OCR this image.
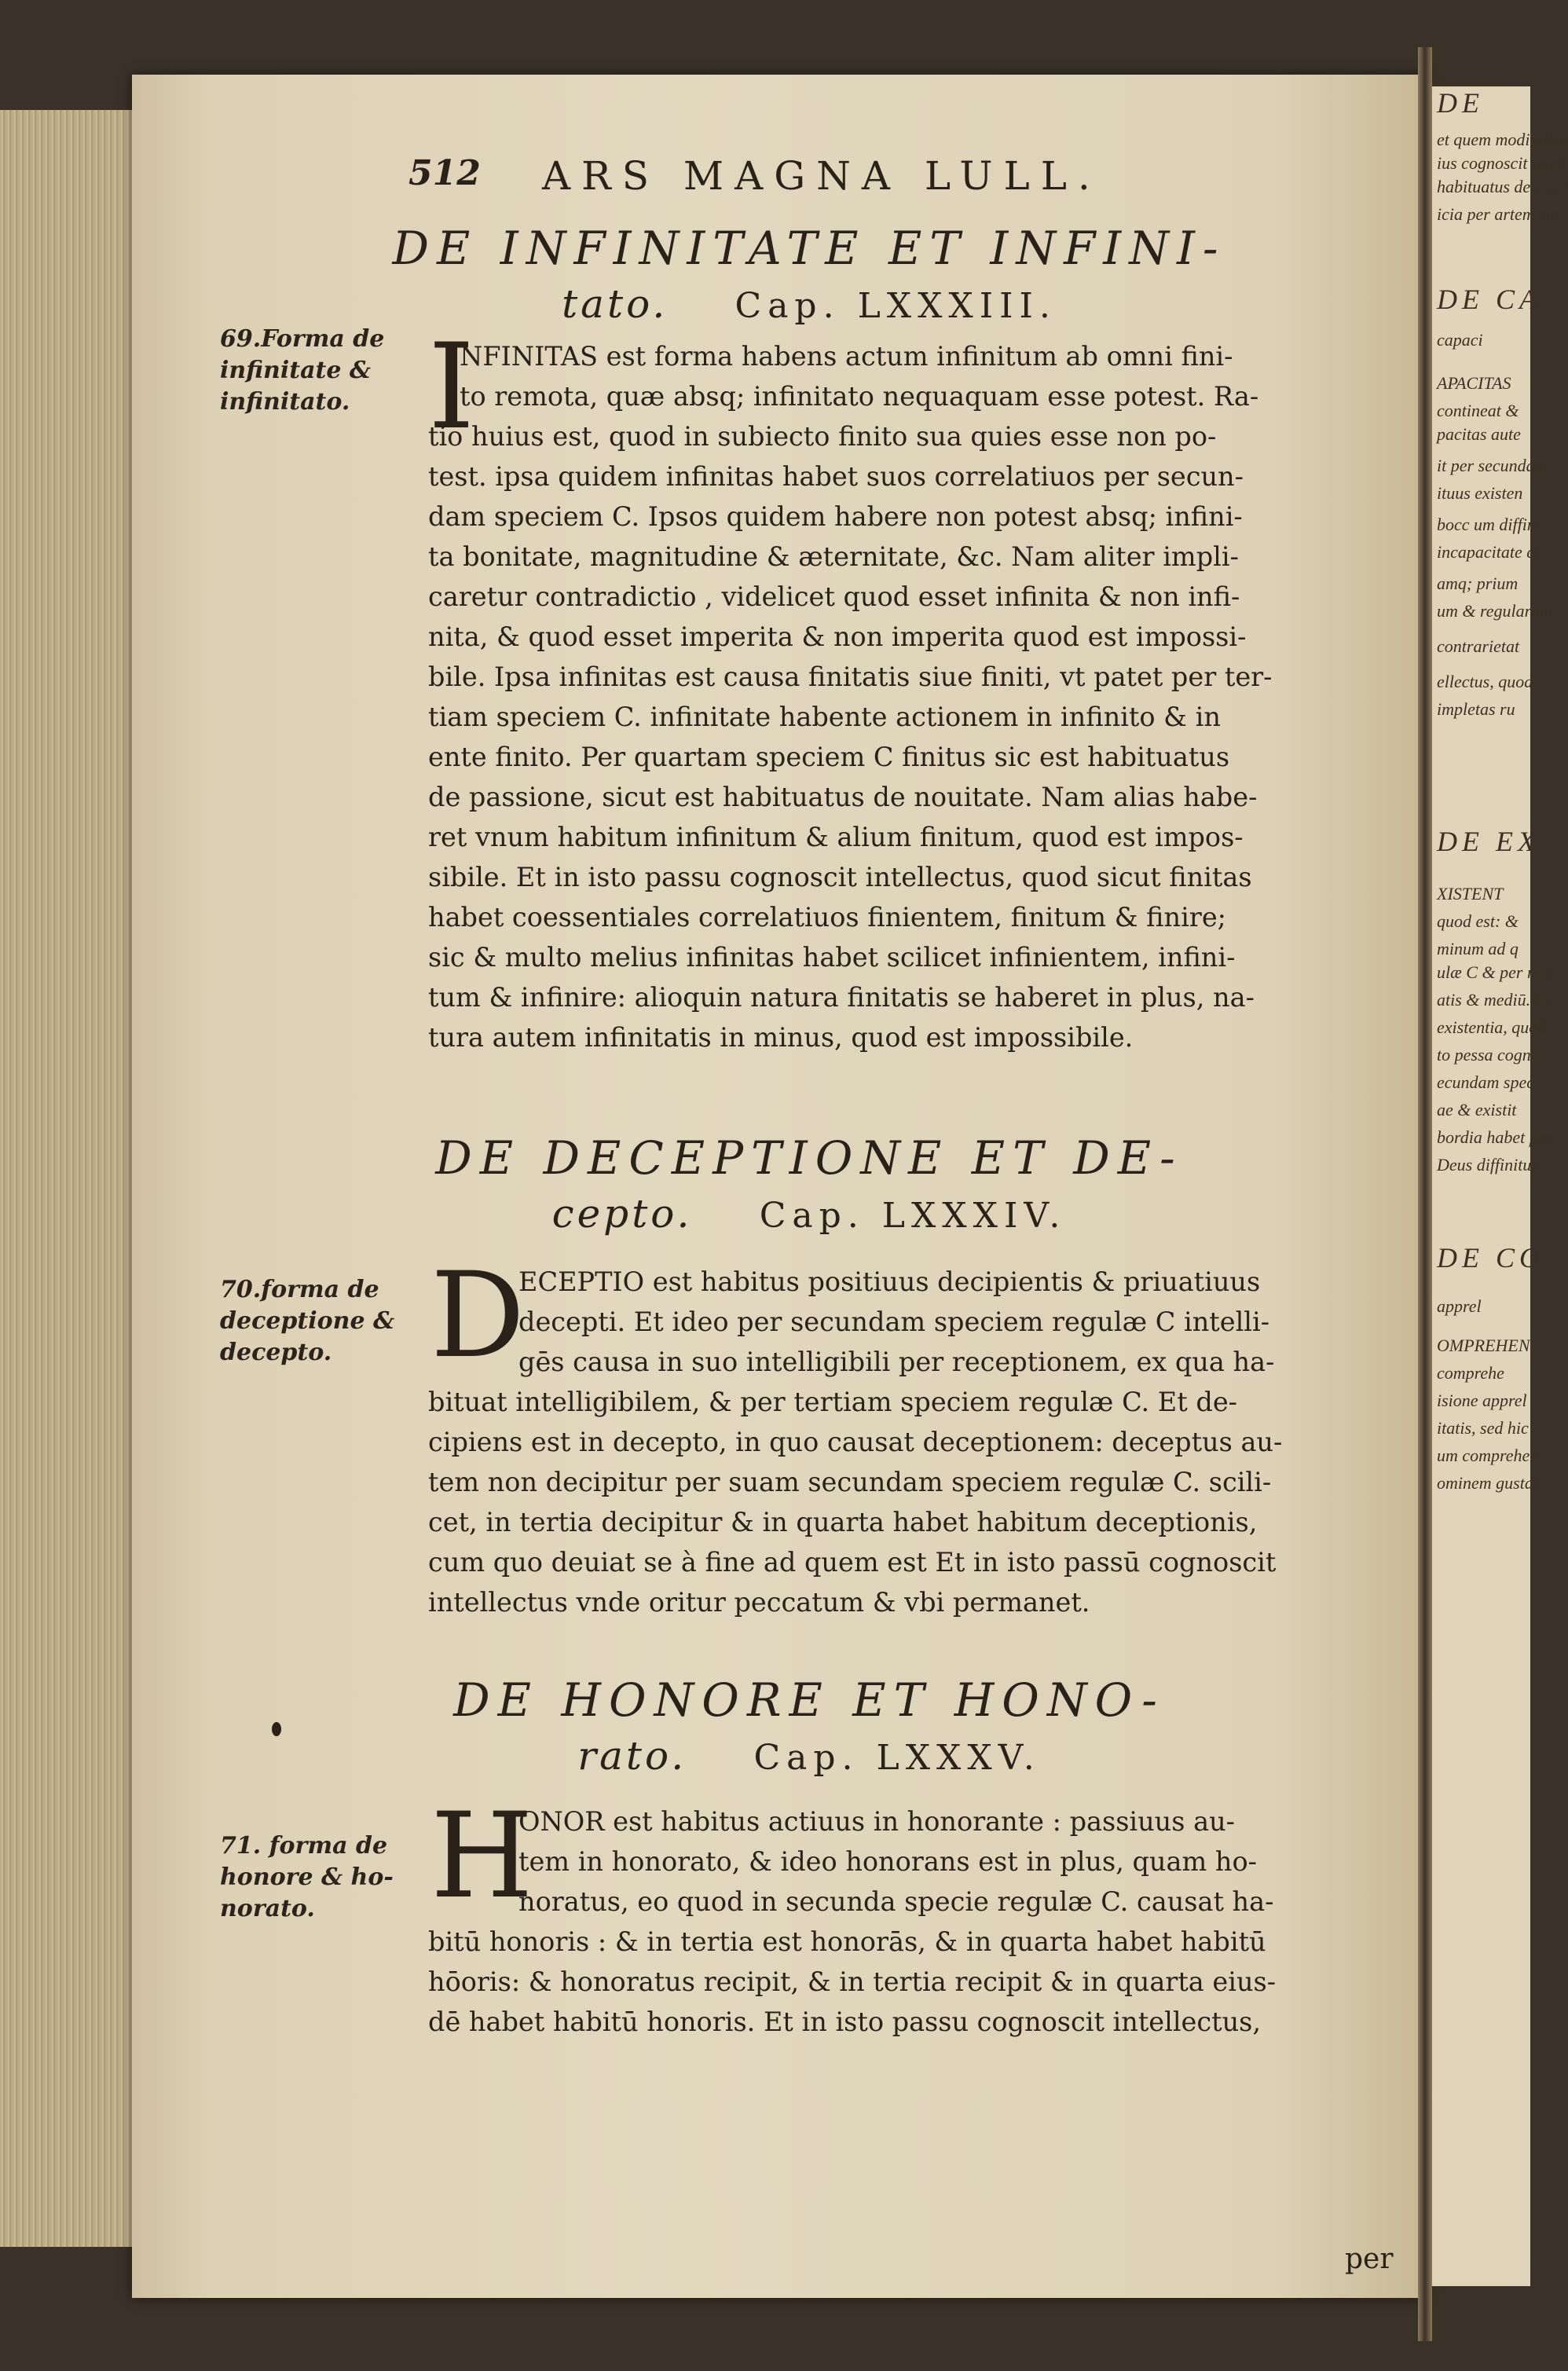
DE
et quem modi idem
ius cognoscit intel
habituatus de virtu
icia per artem sic
DE CA
capaci
APACITAS
contineat &
pacitas aute
it per secundam
ituus existen
bocc um diffini
incapacitate et
amq; prium
um & regularum
contrarietat
ellectus, quod
impletas ru
DE EX
XISTENT
quod est: &
minum ad q
ulæ C & per reg
atis & mediū. Et
existentia, quod
to pessa cognosc
ecundam spec
ae & existit
bordia habet per
Deus diffinitur.
DE CO
apprel
OMPREHEN
comprehe
isione apprel
itatis, sed hic
um comprehen
ominem gustat
512 ARS MAGNA LULL.
DE INFINITATE ET INFINI-
tato. Cap. LXXXIII.
69.Forma de
infinitate &
infinitato. I
NFINITAS est forma habens actum infinitum ab omni fini-
to remota, quæ absq; infinitato nequaquam esse potest. Ra-
tio huius est, quod in subiecto finito sua quies esse non po-
test. ipsa quidem infinitas habet suos correlatiuos per secun-
dam speciem C. Ipsos quidem habere non potest absq; infini-
ta bonitate, magnitudine & æternitate, &c. Nam aliter impli-
caretur contradictio , videlicet quod esset infinita & non infi-
nita, & quod esset imperita & non imperita quod est impossi-
bile. Ipsa infinitas est causa finitatis siue finiti, vt patet per ter-
tiam speciem C. infinitate habente actionem in infinito & in
ente finito. Per quartam speciem C finitus sic est habituatus
de passione, sicut est habituatus de nouitate. Nam alias habe-
ret vnum habitum infinitum & alium finitum, quod est impos-
sibile. Et in isto passu cognoscit intellectus, quod sicut finitas
habet coessentiales correlatiuos finientem, finitum & finire;
sic & multo melius infinitas habet scilicet infinientem, infini-
tum & infinire: alioquin natura finitatis se haberet in plus, na-
tura autem infinitatis in minus, quod est impossibile.
DE DECEPTIONE ET DE-
cepto. Cap. LXXXIV.
70.forma de
deceptione &
decepto. D
ECEPTIO est habitus positiuus decipientis & priuatiuus
decepti. Et ideo per secundam speciem regulæ C intelli-
gēs causa in suo intelligibili per receptionem, ex qua ha-
bituat intelligibilem, & per tertiam speciem regulæ C. Et de-
cipiens est in decepto, in quo causat deceptionem: deceptus au-
tem non decipitur per suam secundam speciem regulæ C. scili-
cet, in tertia decipitur & in quarta habet habitum deceptionis,
cum quo deuiat se à fine ad quem est Et in isto passū cognoscit
intellectus vnde oritur peccatum & vbi permanet.
DE HONORE ET HONO-
rato. Cap. LXXXV.
71. forma de
honore & ho-
norato. H
ONOR est habitus actiuus in honorante : passiuus au-
tem in honorato, & ideo honorans est in plus, quam ho-
noratus, eo quod in secunda specie regulæ C. causat ha-
bitū honoris : & in tertia est honorās, & in quarta habet habitū
hōoris: & honoratus recipit, & in tertia recipit & in quarta eius-
dē habet habitū honoris. Et in isto passu cognoscit intellectus,
per
